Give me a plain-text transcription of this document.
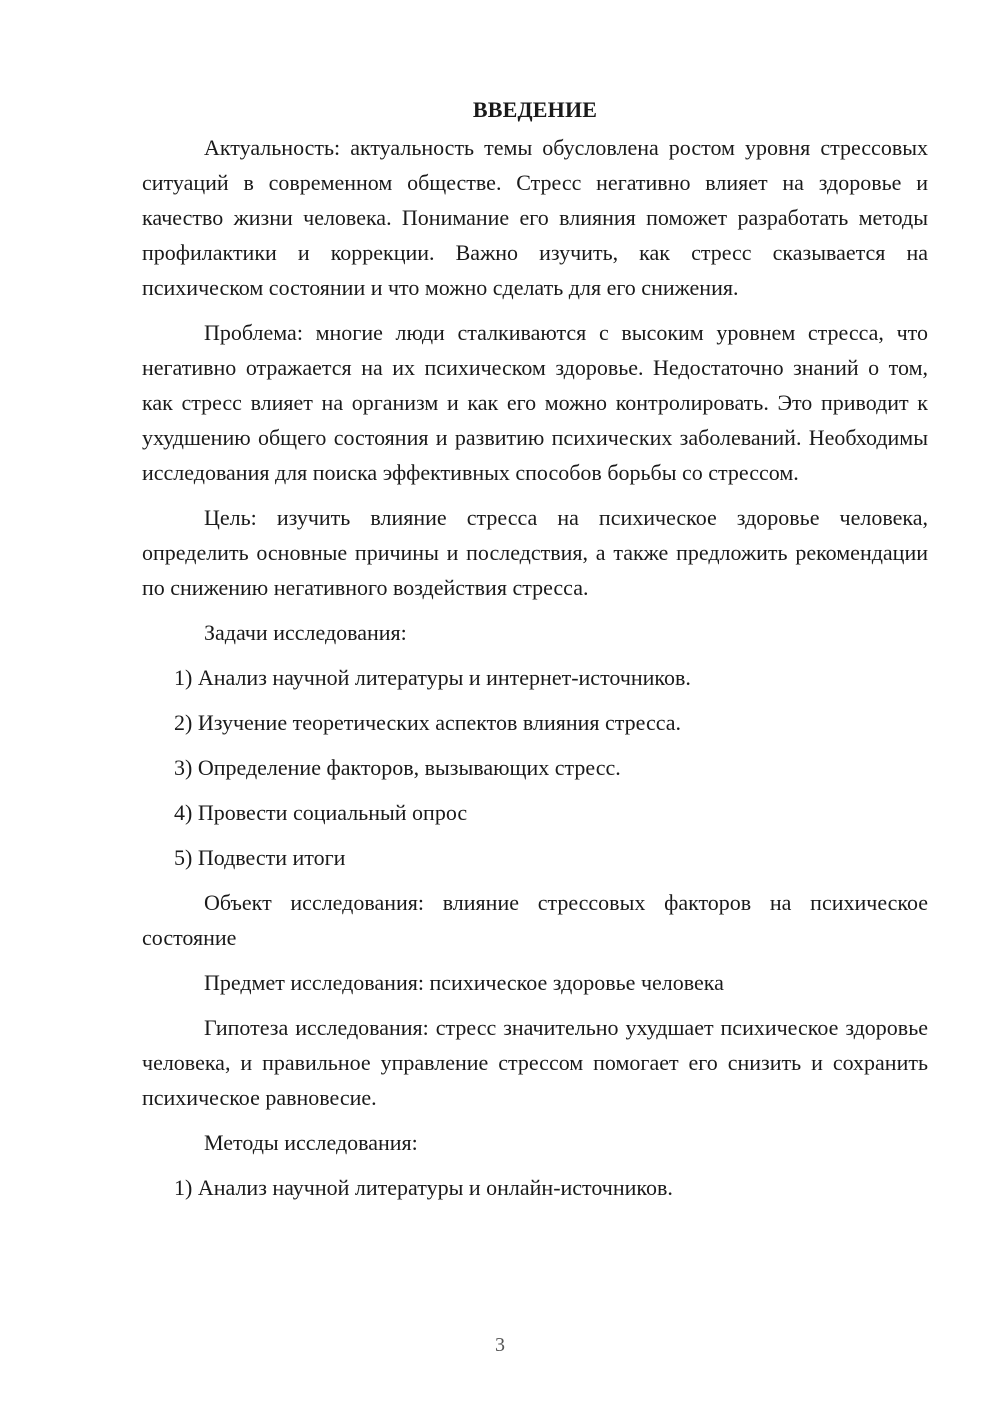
ВВЕДЕНИЕ

Актуальность: актуальность темы обусловлена ростом уровня стрессовых ситуаций в современном обществе. Стресс негативно влияет на здоровье и качество жизни человека. Понимание его влияния поможет разработать методы профилактики и коррекции. Важно изучить, как стресс сказывается на психическом состоянии и что можно сделать для его снижения.

Проблема: многие люди сталкиваются с высоким уровнем стресса, что негативно отражается на их психическом здоровье. Недостаточно знаний о том, как стресс влияет на организм и как его можно контролировать. Это приводит к ухудшению общего состояния и развитию психических заболеваний. Необходимы исследования для поиска эффективных способов борьбы со стрессом.

Цель: изучить влияние стресса на психическое здоровье человека, определить основные причины и последствия, а также предложить рекомендации по снижению негативного воздействия стресса.

Задачи исследования:

1) Анализ научной литературы и интернет-источников.
2) Изучение теоретических аспектов влияния стресса.
3) Определение факторов, вызывающих стресс.
4) Провести социальный опрос
5) Подвести итоги

Объект исследования: влияние стрессовых факторов на психическое состояние

Предмет исследования: психическое здоровье человека

Гипотеза исследования: стресс значительно ухудшает психическое здоровье человека, и правильное управление стрессом помогает его снизить и сохранить психическое равновесие.

Методы исследования:

1) Анализ научной литературы и онлайн-источников.
3
